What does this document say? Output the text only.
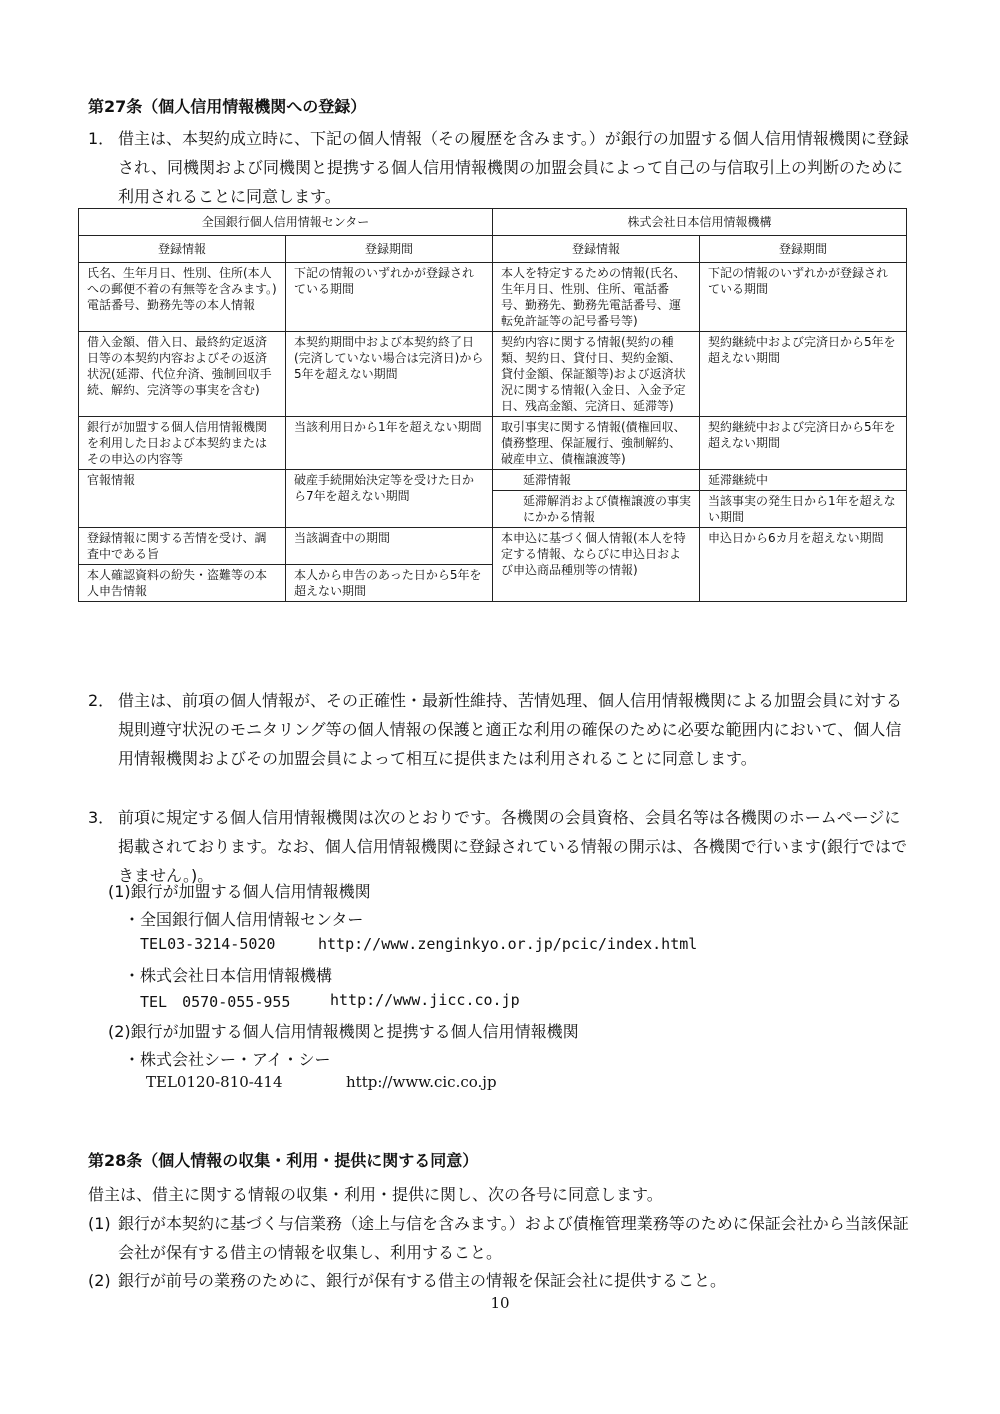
第27条（個人信用情報機関への登録）
1． 借主は、本契約成立時に、下記の個人情報（その履歴を含みます。）が銀行の加盟する個人信用情報機関に登録され、同機関および同機関と提携する個人信用情報機関の加盟会員によって自己の与信取引上の判断のために利用されることに同意します。
全国銀行個人信用情報センター		株式会社日本信用情報機構	
登録情報	登録期間	登録情報	登録期間
氏名、生年月日、性別、住所(本人への郵便不着の有無等を含みます。)電話番号、勤務先等の本人情報	下記の情報のいずれかが登録されている期間	本人を特定するための情報(氏名、生年月日、性別、住所、電話番号、勤務先、勤務先電話番号、運転免許証等の記号番号等)	下記の情報のいずれかが登録されている期間
借入金額、借入日、最終約定返済日等の本契約内容およびその返済状況(延滞、代位弁済、強制回収手続、解約、完済等の事実を含む)	本契約期間中および本契約終了日(完済していない場合は完済日)から5年を超えない期間	契約内容に関する情報(契約の種類、契約日、貸付日、契約金額、貸付金額、保証額等)および返済状況に関する情報(入金日、入金予定日、残高金額、完済日、延滞等)	契約継続中および完済日から5年を超えない期間
銀行が加盟する個人信用情報機関を利用した日および本契約またはその申込の内容等	当該利用日から1年を超えない期間	取引事実に関する情報(債権回収、債務整理、保証履行、強制解約、破産申立、債権譲渡等)	契約継続中および完済日から5年を超えない期間
官報情報	破産手続開始決定等を受けた日から7年を超えない期間	延滞情報	延滞継続中
		延滞解消および債権譲渡の事実にかかる情報	当該事実の発生日から1年を超えない期間
登録情報に関する苦情を受け、調査中である旨	当該調査中の期間	本申込に基づく個人情報(本人を特定する情報、ならびに申込日および申込商品種別等の情報)	申込日から6カ月を超えない期間
本人確認資料の紛失・盗難等の本人申告情報	本人から申告のあった日から5年を超えない期間		
2． 借主は、前項の個人情報が、その正確性・最新性維持、苦情処理、個人信用情報機関による加盟会員に対する規則遵守状況のモニタリング等の個人情報の保護と適正な利用の確保のために必要な範囲内において、個人信用情報機関およびその加盟会員によって相互に提供または利用されることに同意します。
3． 前項に規定する個人信用情報機関は次のとおりです。各機関の会員資格、会員名等は各機関のホームページに掲載されております。なお、個人信用情報機関に登録されている情報の開示は、各機関で行います(銀行ではできません。)。
(1)銀行が加盟する個人信用情報機関
・全国銀行個人信用情報センター
TEL03-3214-5020	http://www.zenginkyo.or.jp/pcic/index.html
・株式会社日本信用情報機構
TEL　0570-055-955	http://www.jicc.co.jp
(2)銀行が加盟する個人信用情報機関と提携する個人信用情報機関
・株式会社シー・アイ・シー
TEL0120-810-414	http://www.cic.co.jp
第28条（個人情報の収集・利用・提供に関する同意）
借主は、借主に関する情報の収集・利用・提供に関し、次の各号に同意します。
(1) 銀行が本契約に基づく与信業務（途上与信を含みます。）および債権管理業務等のために保証会社から当該保証会社が保有する借主の情報を収集し、利用すること。
(2) 銀行が前号の業務のために、銀行が保有する借主の情報を保証会社に提供すること。
10
